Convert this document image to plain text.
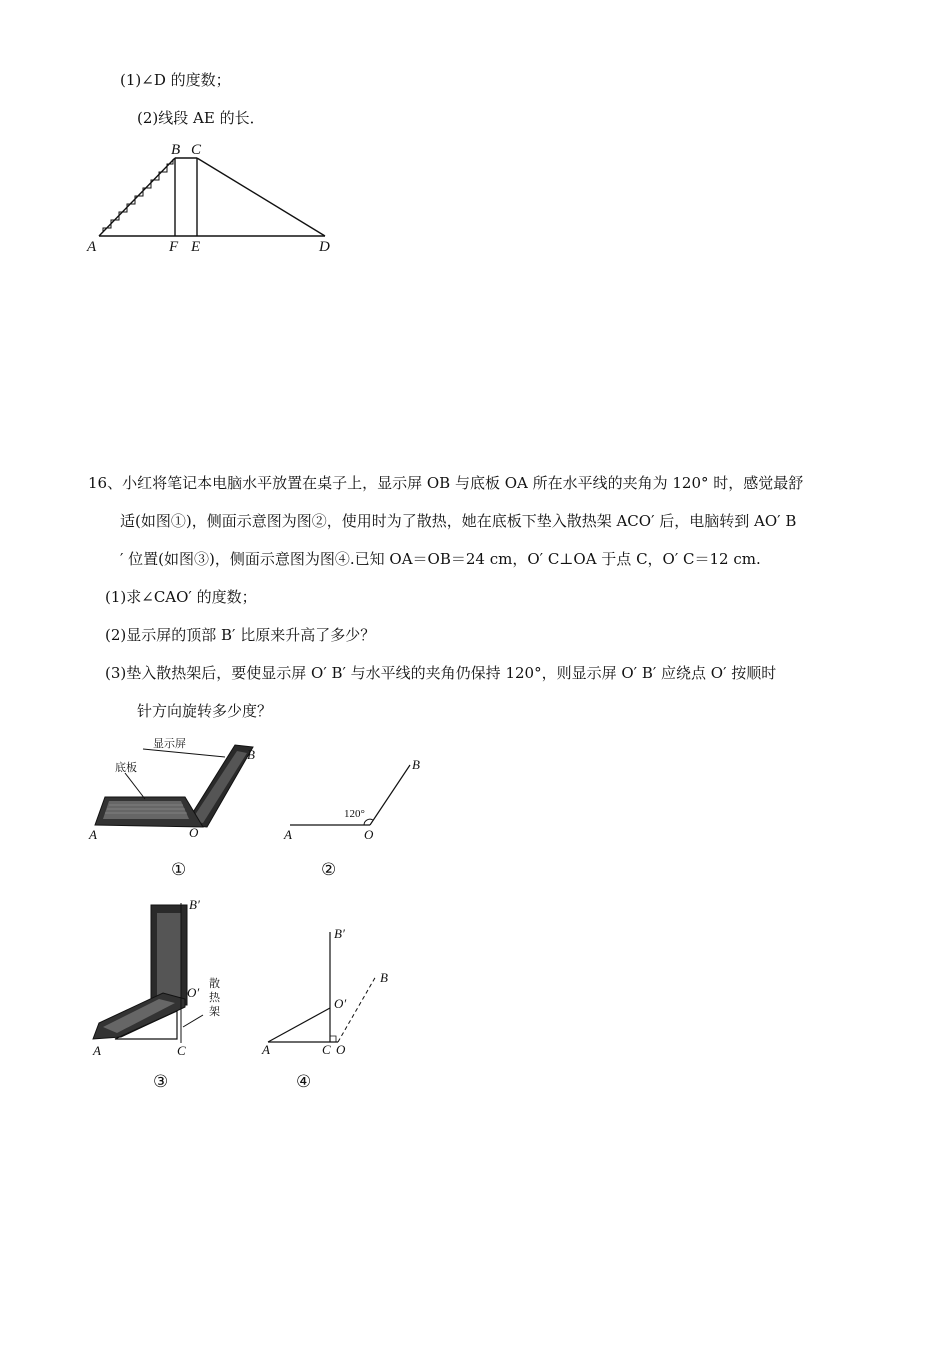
(1)∠D 的度数；
(2)线段 AE 的长．
B C
A	F E	D
16、小红将笔记本电脑水平放置在桌子上，显示屏 OB 与底板 OA 所在水平线的夹角为 120° 时，感觉最舒
适(如图①)，侧面示意图为图②，使用时为了散热，她在底板下垫入散热架 ACO′ 后，电脑转到 AO′ B
′ 位置(如图③)，侧面示意图为图④.已知 OA＝OB＝24 cm，O′ C⊥OA 于点 C，O′ C＝12 cm.
(1)求∠CAO′ 的度数；
(2)显示屏的顶部 B′ 比原来升高了多少？
(3)垫入散热架后，要使显示屏 O′ B′ 与水平线的夹角仍保持 120°，则显示屏 O′ B′ 应绕点 O′ 按顺时
针方向旋转多少度？
显示屏
底板
B
A	O
①
120°
A	O
B
②
B′
O′
散
热
架
A	C
③
B′
O′
B
A	C O
④
